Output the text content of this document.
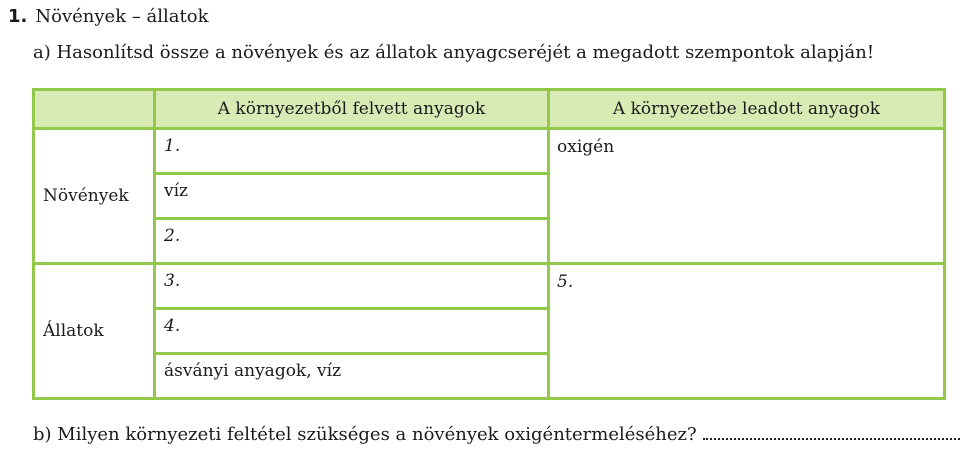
1. Növények – állatok
a) Hasonlítsd össze a növények és az állatok anyagcseréjét a megadott szempontok alapján!
	A környezetből felvett anyagok	A környezetbe leadott anyagok
Növények	1.	oxigén
	víz	
	2.	
Állatok	3.	5.
	4.	
	ásványi anyagok, víz	
b) Milyen környezeti feltétel szükséges a növények oxigéntermeléséhez?
